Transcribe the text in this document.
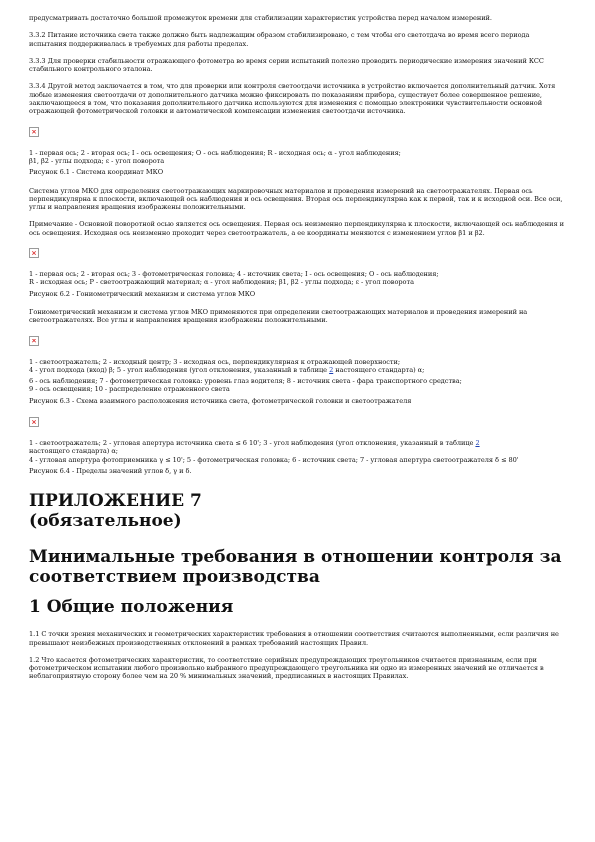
предусматривать достаточно большой промежуток времени для стабилизации характеристик устройства перед началом измерений.

3.3.2 Питание источника света также должно быть надлежащим образом стабилизировано, с тем чтобы его светотдача во время всего периода испытания поддерживалась в требуемых для работы пределах.

3.3.3 Для проверки стабильности отражающего фотометра во время серии испытаний полезно проводить периодические измерения значений КСС стабильного контрольного эталона.

3.3.4 Другой метод заключается в том, что для проверки или контроля светоотдачи источника в устройство включается дополнительный датчик. Хотя любые изменения светоотдачи от дополнительного датчика можно фиксировать по показаниям прибора, существует более совершенное решение, заключающееся в том, что показания дополнительного датчика используются для изменения с помощью электроники чувствительности основной отражающей фотометрической головки и автоматической компенсации изменения светоотдачи источника.

1 - первая ось; 2 - вторая ось; I - ось освещения; O - ось наблюдения; R - исходная ось; α - угол наблюдения;
β1, β2 - углы подхода; ε - угол поворота

Рисунок 6.1 - Система координат МКО

Система углов МКО для определения светоотражающих маркировочных материалов и проведения измерений на светоотражателях. Первая ось перпендикулярна к плоскости, включающей ось наблюдения и ось освещения. Вторая ось перпендикулярна как к первой, так и к исходной оси. Все оси, углы и направления вращения изображены положительными.

Примечание - Основной поворотной осью является ось освещения. Первая ось неизменно перпендикулярна к плоскости, включающей ось наблюдения и ось освещения. Исходная ось неизменно проходит через светоотражатель, а ее координаты меняются с изменением углов β1 и β2.

1 - первая ось; 2 - вторая ось; 3 - фотометрическая головка; 4 - источник света; I - ось освещения; O - ось наблюдения;
R - исходная ось; P - светоотражающий материал; α - угол наблюдения; β1, β2 - углы подхода; ε - угол поворота

Рисунок 6.2 - Гониометрический механизм и система углов МКО

Гониометрический механизм и система углов МКО применяются при определении светоотражающих материалов и проведения измерений на светоотражателях. Все углы и направления вращения изображены положительными.

1 - светоотражатель; 2 - исходный центр; 3 - исходная ось, перпендикулярная к отражающей поверхности;
4 - угол подхода (вход) β; 5 - угол наблюдения (угол отклонения, указанный в таблице 2 настоящего стандарта) α;

6 - ось наблюдения; 7 - фотометрическая головка: уровень глаз водителя; 8 - источник света - фара транспортного средства;
9 - ось освещения; 10 - распределение отраженного света

Рисунок 6.3 - Схема взаимного расположения источника света, фотометрической головки и светоотражателя

1 - светоотражатель; 2 - угловая апертура источника света ≤ 6 10'; 3 - угол наблюдения (угол отклонения, указанный в таблице 2
настоящего стандарта) α;
4 - угловая апертура фотоприемника γ ≤ 10'; 5 - фотометрическая головка; 6 - источник света; 7 - угловая апертура светоотражателя δ ≤ 80'

Рисунок 6.4 - Пределы значений углов δ, γ и δ.

ПРИЛОЖЕНИЕ 7
(обязательное)
Минимальные требования в отношении контроля за соответствием производства
1 Общие положения

1.1 С точки зрения механических и геометрических характеристик требования в отношении соответствия считаются выполненными, если различия не превышают неизбежных производственных отклонений в рамках требований настоящих Правил.

1.2 Что касается фотометрических характеристик, то соответствие серийных предупреждающих треугольников считается признанным, если при фотометрическом испытании любого произвольно выбранного предупреждающего треугольника ни одно из измеренных значений не отличается в неблагоприятную сторону более чем на 20 % минимальных значений, предписанных в настоящих Правилах.
